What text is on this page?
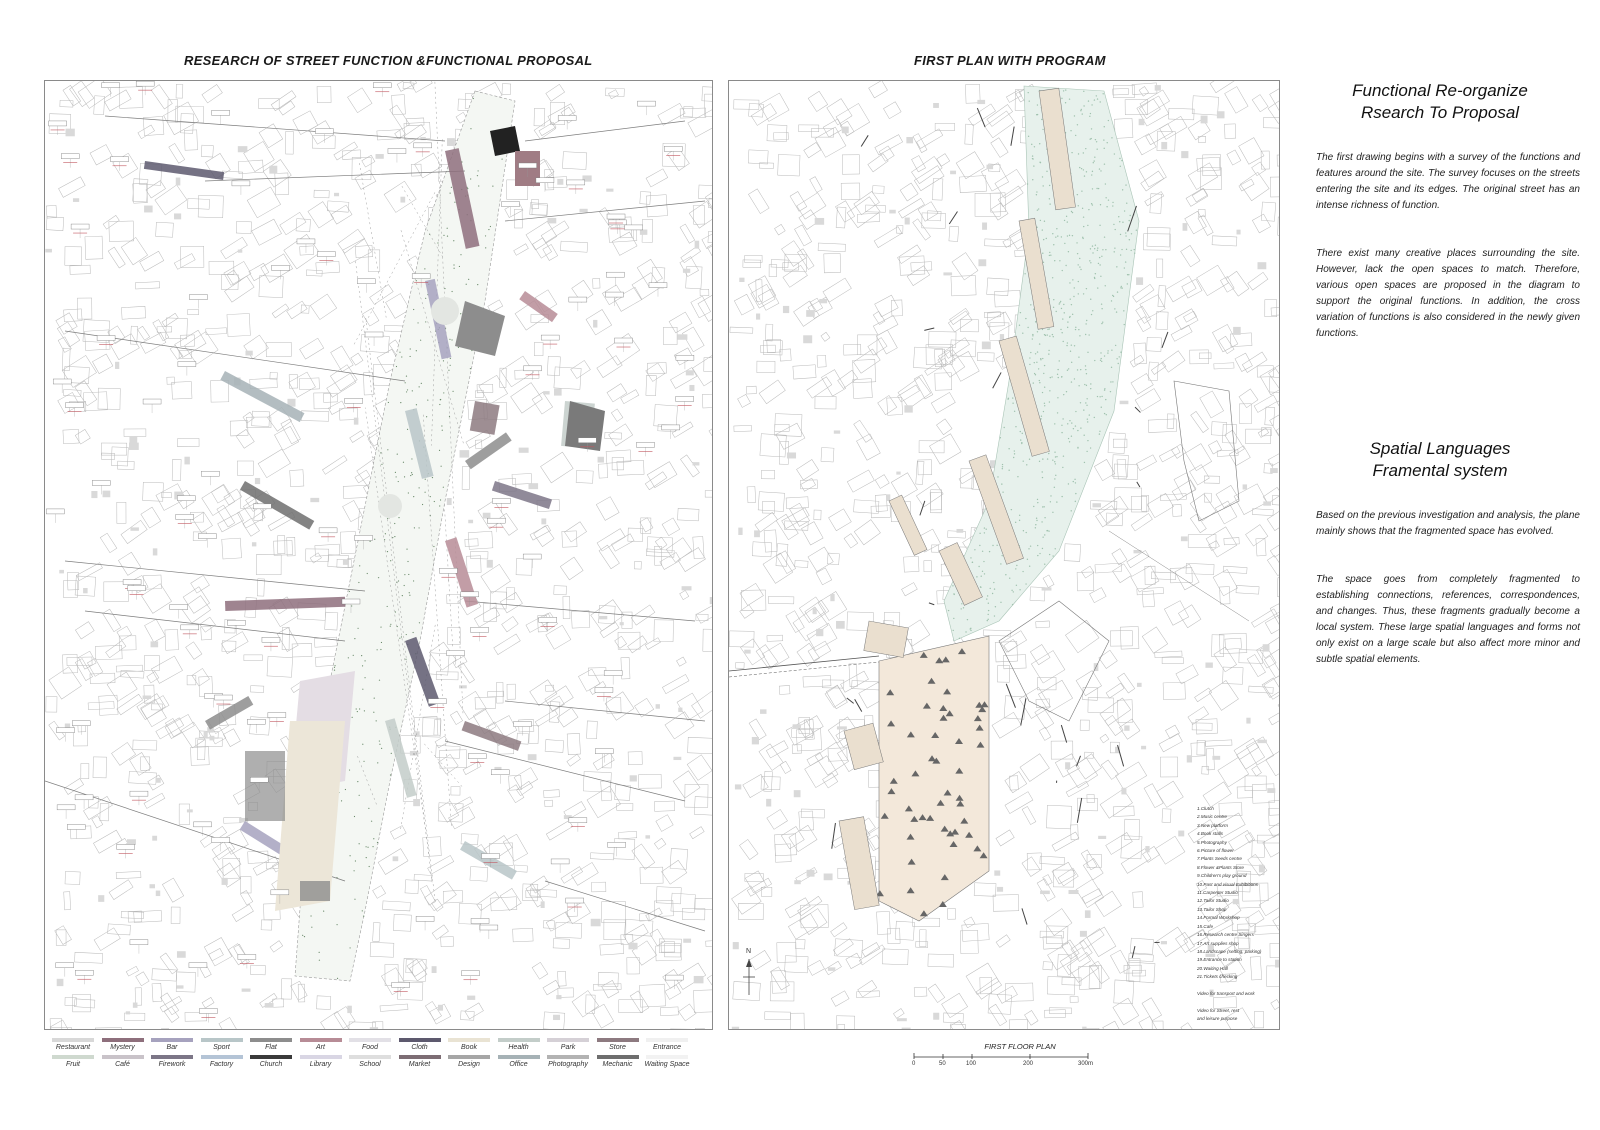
RESEARCH OF STREET FUNCTION &FUNCTIONAL PROPOSAL	FIRST PLAN WITH PROGRAM
1.Clutch
2.Music centre
3.New platform
4.Book stalls
5.Photography
6.Picture of flower
7.Plants Seeds centre
8.Flower &Plants Store
9.Children's play ground
10.Past and visual Exhibitions
11.Carpenter Studio
12.Tailor Studio
13.Tailor Shop
14.Formal Workshop
15.Cafe
16.Research centre Singers
17.Art supplies shop
18.Landscape (setting, parking)
19.Entrance to station
20.Waiting Hall
21.Tickets checking

Video for transport and work

Video for Street, rest
and leisure purpose
N
Functional Re-organize
Rsearch To Proposal

The first drawing begins with a survey of the functions and features around the site. The survey focuses on the streets entering the site and its edges. The original street has an intense richness of function.

There exist many creative places surrounding the site. However, lack the open spaces to match. Therefore, various open spaces are proposed in the diagram to support the original functions. In addition, the cross variation of functions is also considered in the newly given functions.

Spatial Languages
Framental system

Based on the previous investigation and analysis, the plane mainly shows that the fragmented space has evolved.

The space goes from completely fragmented to establishing connections, references, correspondences, and changes. Thus, these fragments gradually become a local system. These large spatial languages and forms not only exist on a large scale but also affect more minor and subtle spatial elements.

Restaurant	Mystery	Bar	Sport	Flat	Art	Food	Cloth	Book	Health	Park	Store	Entrance
Fruit	Café	Firework	Factory	Church	Library	School	Market	Design	Office	Photography	Mechanic	Waiting Space
FIRST FLOOR PLAN
0	50	100	200	300m
